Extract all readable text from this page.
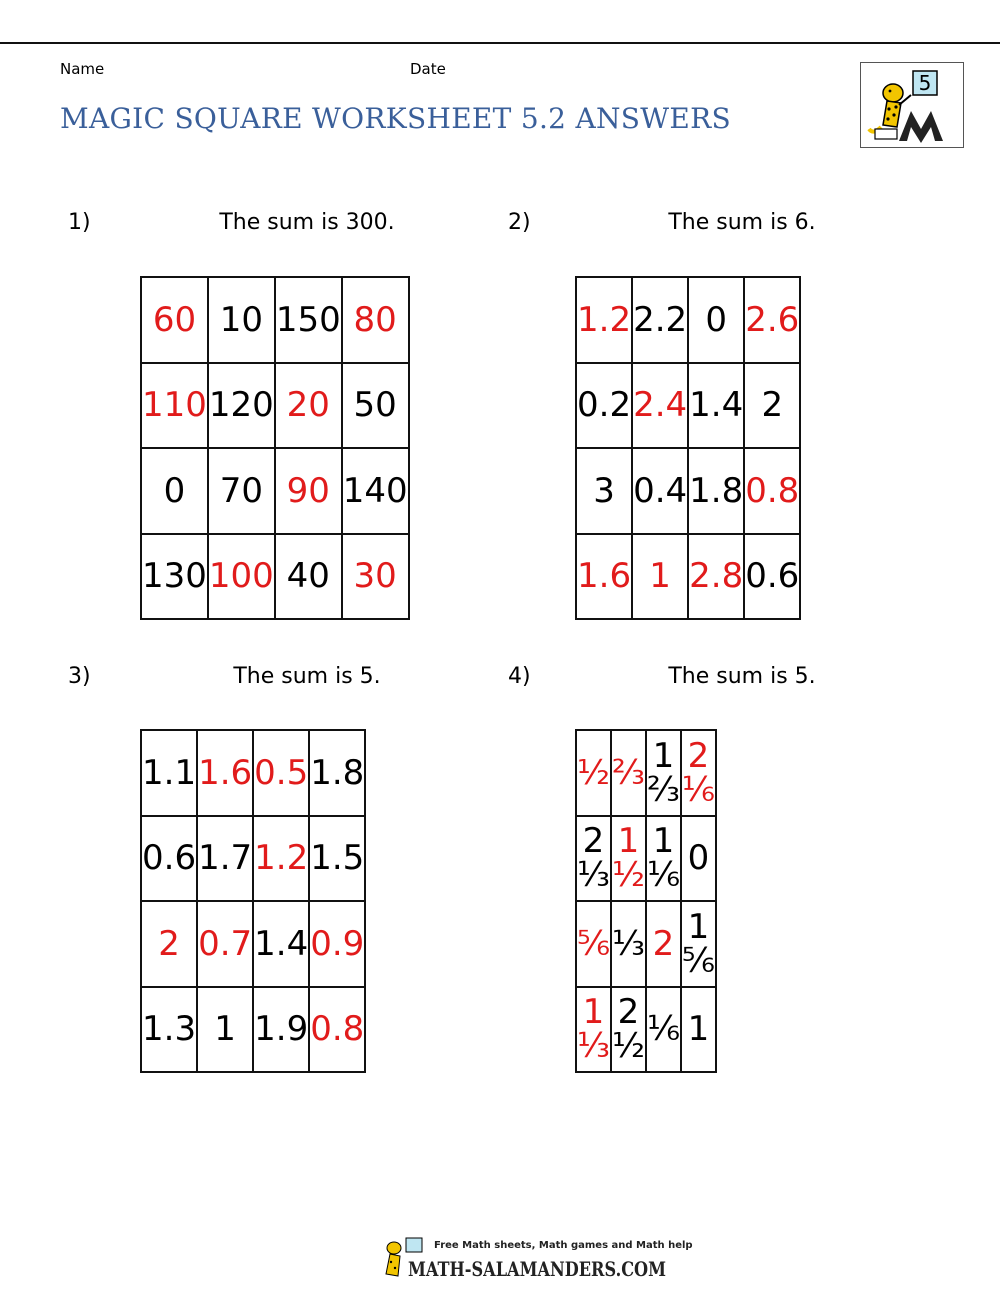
Name	Date
MAGIC SQUARE WORKSHEET 5.2 ANSWERS
5
1)	The sum is 300.
60	10	150	80
110	120	20	50
0	70	90	140
130	100	40	30
2)	The sum is 6.
1.2	2.2	0	2.6
0.2	2.4	1.4	2
3	0.4	1.8	0.8
1.6	1	2.8	0.6
3)	The sum is 5.
1.1	1.6	0.5	1.8
0.6	1.7	1.2	1.5
2	0.7	1.4	0.9
1.3	1	1.9	0.8
4)	The sum is 5.
½	⅔	1 ⅔	2 ⅙
2 ⅓	1 ½	1 ⅙	0
⅚	⅓	2	1 ⅚
1 ⅓	2 ½	⅙	1
Free Math sheets, Math games and Math help
MATH-SALAMANDERS.COM
